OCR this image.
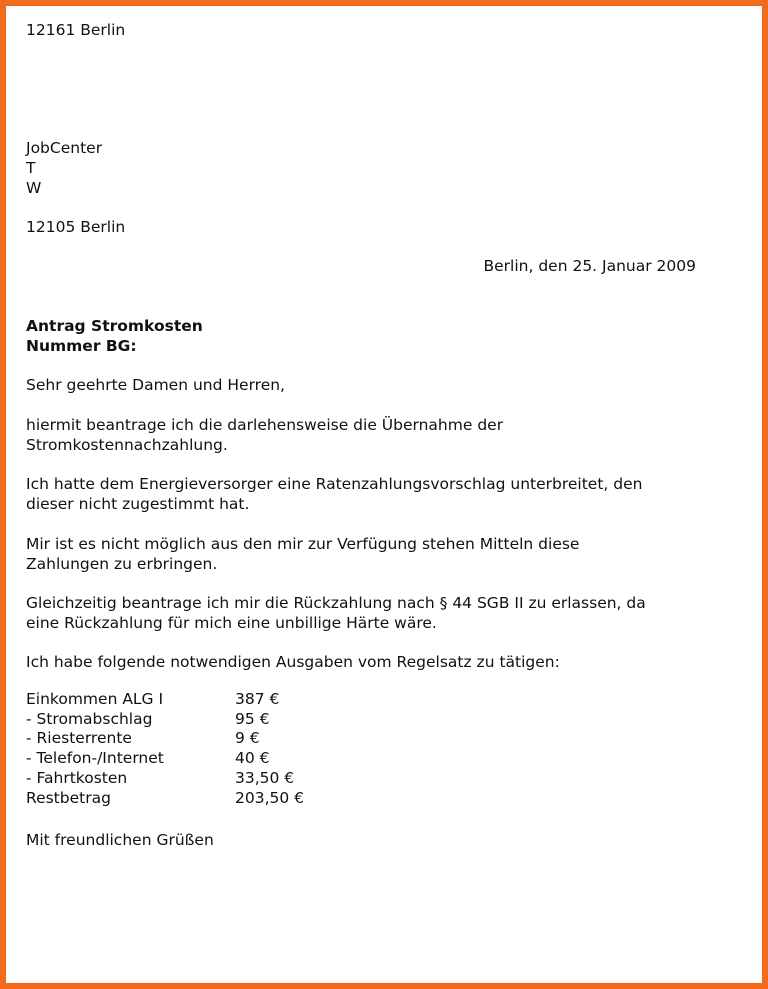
12161 Berlin
JobCenter
T
W
12105 Berlin
Berlin, den 25. Januar 2009
Antrag Stromkosten
Nummer BG:
Sehr geehrte Damen und Herren,
hiermit beantrage ich die darlehensweise die Übernahme der
Stromkostennachzahlung.
Ich hatte dem Energieversorger eine Ratenzahlungsvorschlag unterbreitet, den
dieser nicht zugestimmt hat.
Mir ist es nicht möglich aus den mir zur Verfügung stehen Mitteln diese
Zahlungen zu erbringen.
Gleichzeitig beantrage ich mir die Rückzahlung nach § 44 SGB II zu erlassen, da
eine Rückzahlung für mich eine unbillige Härte wäre.
Ich habe folgende notwendigen Ausgaben vom Regelsatz zu tätigen:
Einkommen ALG I	387 €
- Stromabschlag	95 €
- Riesterrente	9 €
- Telefon-/Internet	40 €
- Fahrtkosten	33,50 €
Restbetrag	203,50 €
Mit freundlichen Grüßen
